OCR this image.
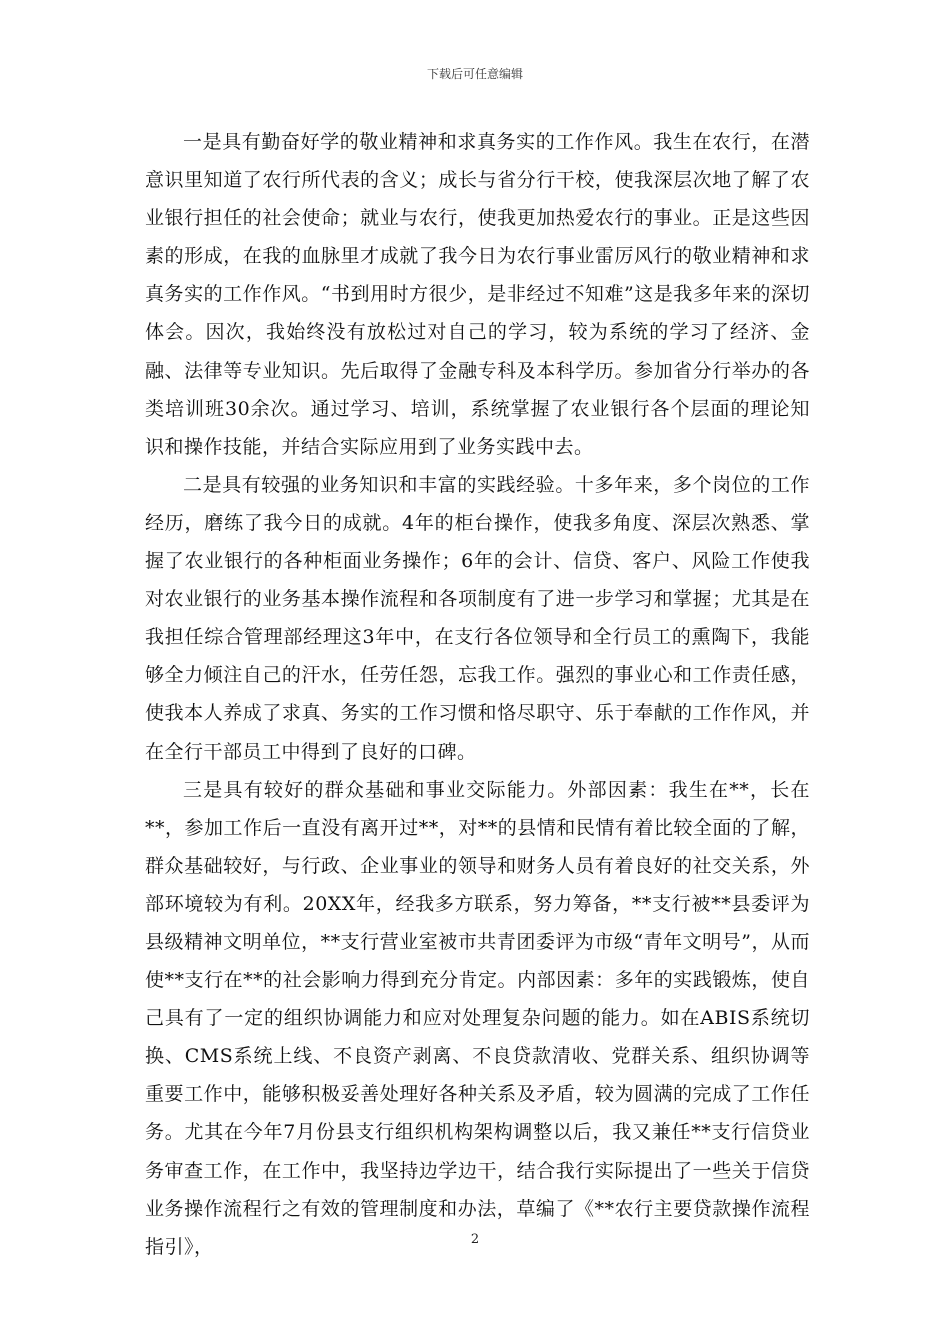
下载后可任意编辑

一是具有勤奋好学的敬业精神和求真务实的工作作风。我生在农行，在潜意识里知道了农行所代表的含义；成长与省分行干校，使我深层次地了解了农业银行担任的社会使命；就业与农行，使我更加热爱农行的事业。正是这些因素的形成，在我的血脉里才成就了我今日为农行事业雷厉风行的敬业精神和求真务实的工作作风。“书到用时方很少，是非经过不知难”这是我多年来的深切体会。因次，我始终没有放松过对自己的学习，较为系统的学习了经济、金融、法律等专业知识。先后取得了金融专科及本科学历。参加省分行举办的各类培训班30余次。通过学习、培训，系统掌握了农业银行各个层面的理论知识和操作技能，并结合实际应用到了业务实践中去。

二是具有较强的业务知识和丰富的实践经验。十多年来，多个岗位的工作经历，磨练了我今日的成就。4年的柜台操作，使我多角度、深层次熟悉、掌握了农业银行的各种柜面业务操作；6年的会计、信贷、客户、风险工作使我对农业银行的业务基本操作流程和各项制度有了进一步学习和掌握；尤其是在我担任综合管理部经理这3年中，在支行各位领导和全行员工的熏陶下，我能够全力倾注自己的汗水，任劳任怨，忘我工作。强烈的事业心和工作责任感，使我本人养成了求真、务实的工作习惯和恪尽职守、乐于奉献的工作作风，并在全行干部员工中得到了良好的口碑。

三是具有较好的群众基础和事业交际能力。外部因素：我生在**，长在**，参加工作后一直没有离开过**，对**的县情和民情有着比较全面的了解，群众基础较好，与行政、企业事业的领导和财务人员有着良好的社交关系，外部环境较为有利。20XX年，经我多方联系，努力筹备，**支行被**县委评为县级精神文明单位，**支行营业室被市共青团委评为市级“青年文明号”，从而使**支行在**的社会影响力得到充分肯定。内部因素：多年的实践锻炼，使自己具有了一定的组织协调能力和应对处理复杂问题的能力。如在ABIS系统切换、CMS系统上线、不良资产剥离、不良贷款清收、党群关系、组织协调等重要工作中，能够积极妥善处理好各种关系及矛盾，较为圆满的完成了工作任务。尤其在今年7月份县支行组织机构架构调整以后，我又兼任**支行信贷业务审查工作，在工作中，我坚持边学边干，结合我行实际提出了一些关于信贷业务操作流程行之有效的管理制度和办法，草编了《**农行主要贷款操作流程指引》，	2
